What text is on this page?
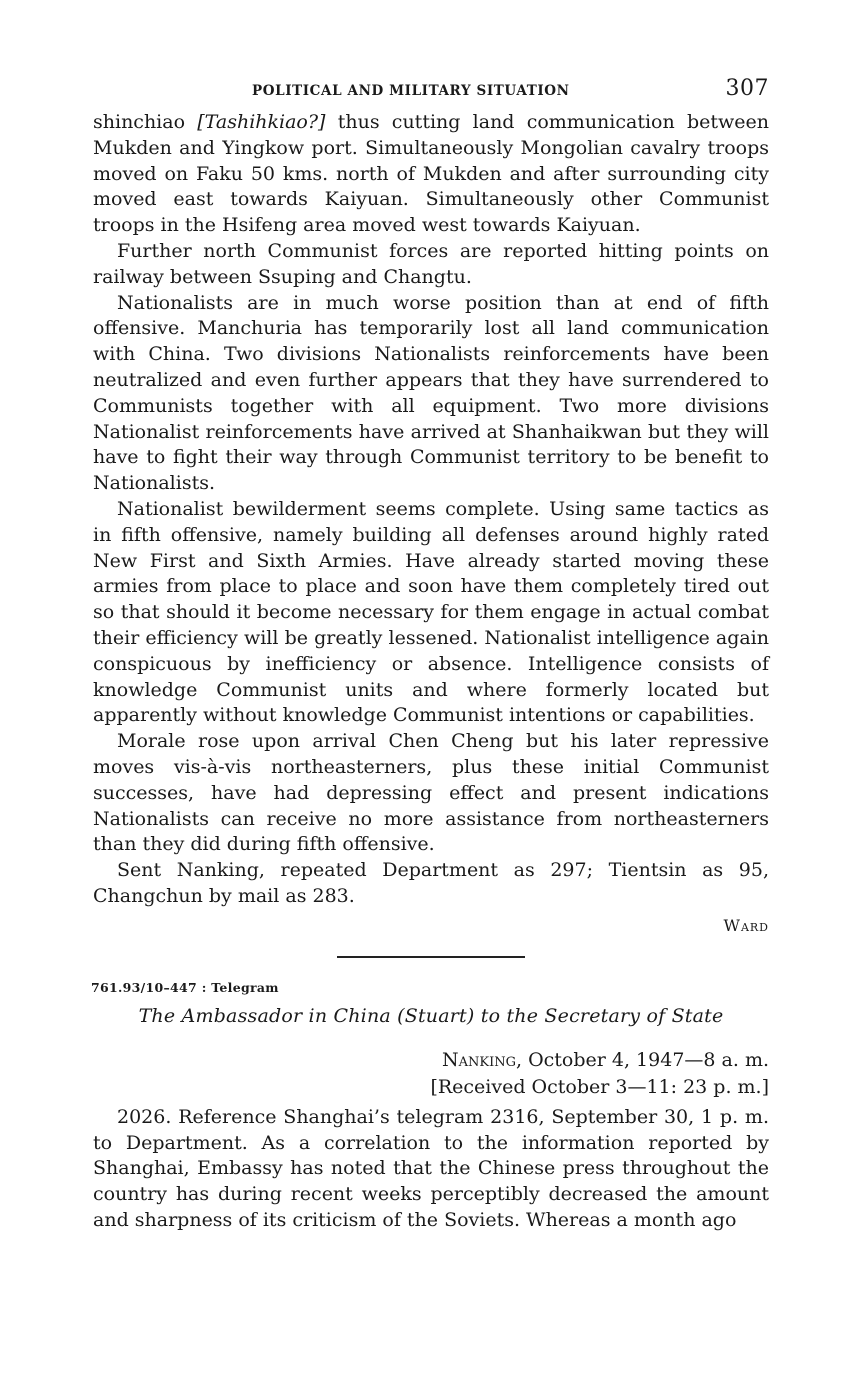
POLITICAL AND MILITARY SITUATION	307

shinchiao [Tashihkiao?] thus cutting land communication between Mukden and Yingkow port. Simultaneously Mongolian cavalry troops moved on Faku 50 kms. north of Mukden and after surrounding city moved east towards Kaiyuan. Simultaneously other Communist troops in the Hsifeng area moved west towards Kaiyuan.

Further north Communist forces are reported hitting points on railway between Ssuping and Changtu.

Nationalists are in much worse position than at end of fifth offensive. Manchuria has temporarily lost all land communication with China. Two divisions Nationalists reinforcements have been neutralized and even further appears that they have surrendered to Communists together with all equipment. Two more divisions Nationalist reinforcements have arrived at Shanhaikwan but they will have to fight their way through Communist territory to be benefit to Nationalists.

Nationalist bewilderment seems complete. Using same tactics as in fifth offensive, namely building all defenses around highly rated New First and Sixth Armies. Have already started moving these armies from place to place and soon have them completely tired out so that should it become necessary for them engage in actual combat their efficiency will be greatly lessened. Nationalist intelligence again conspicuous by inefficiency or absence. Intelligence consists of knowledge Communist units and where formerly located but apparently without knowledge Communist intentions or capabilities.

Morale rose upon arrival Chen Cheng but his later repressive moves vis-à-vis northeasterners, plus these initial Communist successes, have had depressing effect and present indications Nationalists can receive no more assistance from northeasterners than they did during fifth offensive.

Sent Nanking, repeated Department as 297; Tientsin as 95, Changchun by mail as 283.

Ward
761.93/10–447 : Telegram
The Ambassador in China (Stuart) to the Secretary of State
Nanking, October 4, 1947—8 a. m.
[Received October 3—11: 23 p. m.]

2026. Reference Shanghai’s telegram 2316, September 30, 1 p. m. to Department. As a correlation to the information reported by Shanghai, Embassy has noted that the Chinese press throughout the country has during recent weeks perceptibly decreased the amount and sharpness of its criticism of the Soviets. Whereas a month ago
